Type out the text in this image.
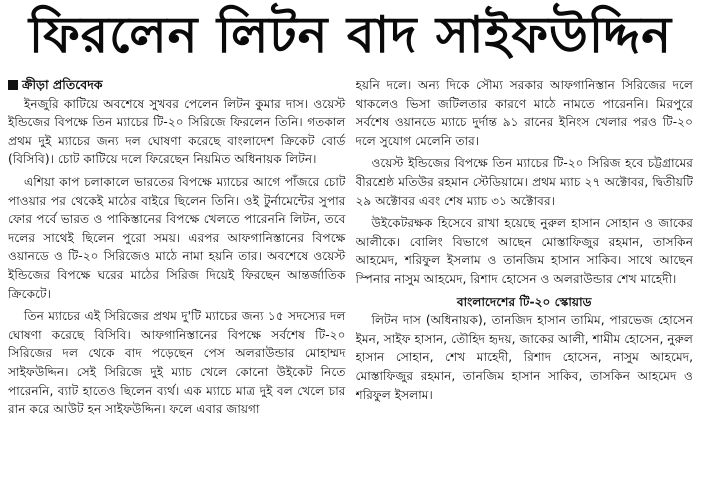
ফিরলেন লিটন বাদ সাইফউদ্দিন

ক্রীড়া প্রতিবেদক

ইনজুরি কাটিয়ে অবশেষে সুখবর পেলেন লিটন কুমার দাস। ওয়েস্ট ইন্ডিজের বিপক্ষে তিন ম্যাচের টি-২০ সিরিজে ফিরলেন তিনি। গতকাল প্রথম দুই ম্যাচের জন্য দল ঘোষণা করেছে বাংলাদেশ ক্রিকেট বোর্ড (বিসিবি)। চোট কাটিয়ে দলে ফিরেছেন নিয়মিত অধিনায়ক লিটন।

এশিয়া কাপ চলাকালে ভারতের বিপক্ষে ম্যাচের আগে পাঁজরে চোট পাওয়ার পর থেকেই মাঠের বাইরে ছিলেন তিনি। ওই টুর্নামেন্টের সুপার ফোর পর্বে ভারত ও পাকিস্তানের বিপক্ষে খেলতে পারেননি লিটন, তবে দলের সাথেই ছিলেন পুরো সময়। এরপর আফগানিস্তানের বিপক্ষে ওয়ানডে ও টি-২০ সিরিজেও মাঠে নামা হয়নি তার। অবশেষে ওয়েস্ট ইন্ডিজের বিপক্ষে ঘরের মাঠের সিরিজ দিয়েই ফিরছেন আন্তর্জাতিক ক্রিকেটে।

তিন ম্যাচের এই সিরিজের প্রথম দু'টি ম্যাচের জন্য ১৫ সদস্যের দল ঘোষণা করেছে বিসিবি। আফগানিস্তানের বিপক্ষে সর্বশেষ টি-২০ সিরিজের দল থেকে বাদ পড়েছেন পেস অলরাউন্ডার মোহাম্মদ সাইফউদ্দিন। সেই সিরিজে দুই ম্যাচ খেলে কোনো উইকেট নিতে পারেননি, ব্যাট হাতেও ছিলেন ব্যর্থ। এক ম্যাচে মাত্র দুই বল খেলে চার রান করে আউট হন সাইফউদ্দিন। ফলে এবার জায়গা

হয়নি দলে। অন্য দিকে সৌম্য সরকার আফগানিস্তান সিরিজের দলে থাকলেও ভিসা জটিলতার কারণে মাঠে নামতে পারেননি। মিরপুরে সর্বশেষ ওয়ানডে ম্যাচে দুর্দান্ত ৯১ রানের ইনিংস খেলার পরও টি-২০ দলে সুযোগ মেলেনি তার।

ওয়েস্ট ইন্ডিজের বিপক্ষে তিন ম্যাচের টি-২০ সিরিজ হবে চট্টগ্রামের বীরশ্রেষ্ঠ মতিউর রহমান স্টেডিয়ামে। প্রথম ম্যাচ ২৭ অক্টোবর, দ্বিতীয়টি ২৯ অক্টোবর এবং শেষ ম্যাচ ৩১ অক্টোবর।

উইকেটরক্ষক হিসেবে রাখা হয়েছে নুরুল হাসান সোহান ও জাকের আলীকে। বোলিং বিভাগে আছেন মোস্তাফিজুর রহমান, তাসকিন আহমেদ, শরিফুল ইসলাম ও তানজিম হাসান সাকিব। সাথে আছেন স্পিনার নাসুম আহমেদ, রিশাদ হোসেন ও অলরাউন্ডার শেখ মাহেদী।

বাংলাদেশের টি-২০ স্কোয়াড

লিটন দাস (অধিনায়ক), তানজিদ হাসান তামিম, পারভেজ হোসেন ইমন, সাইফ হাসান, তৌহিদ হৃদয়, জাকের আলী, শামীম হোসেন, নুরুল হাসান সোহান, শেখ মাহেদী, রিশাদ হোসেন, নাসুম আহমেদ, মোস্তাফিজুর রহমান, তানজিম হাসান সাকিব, তাসকিন আহমেদ ও শরিফুল ইসলাম।
